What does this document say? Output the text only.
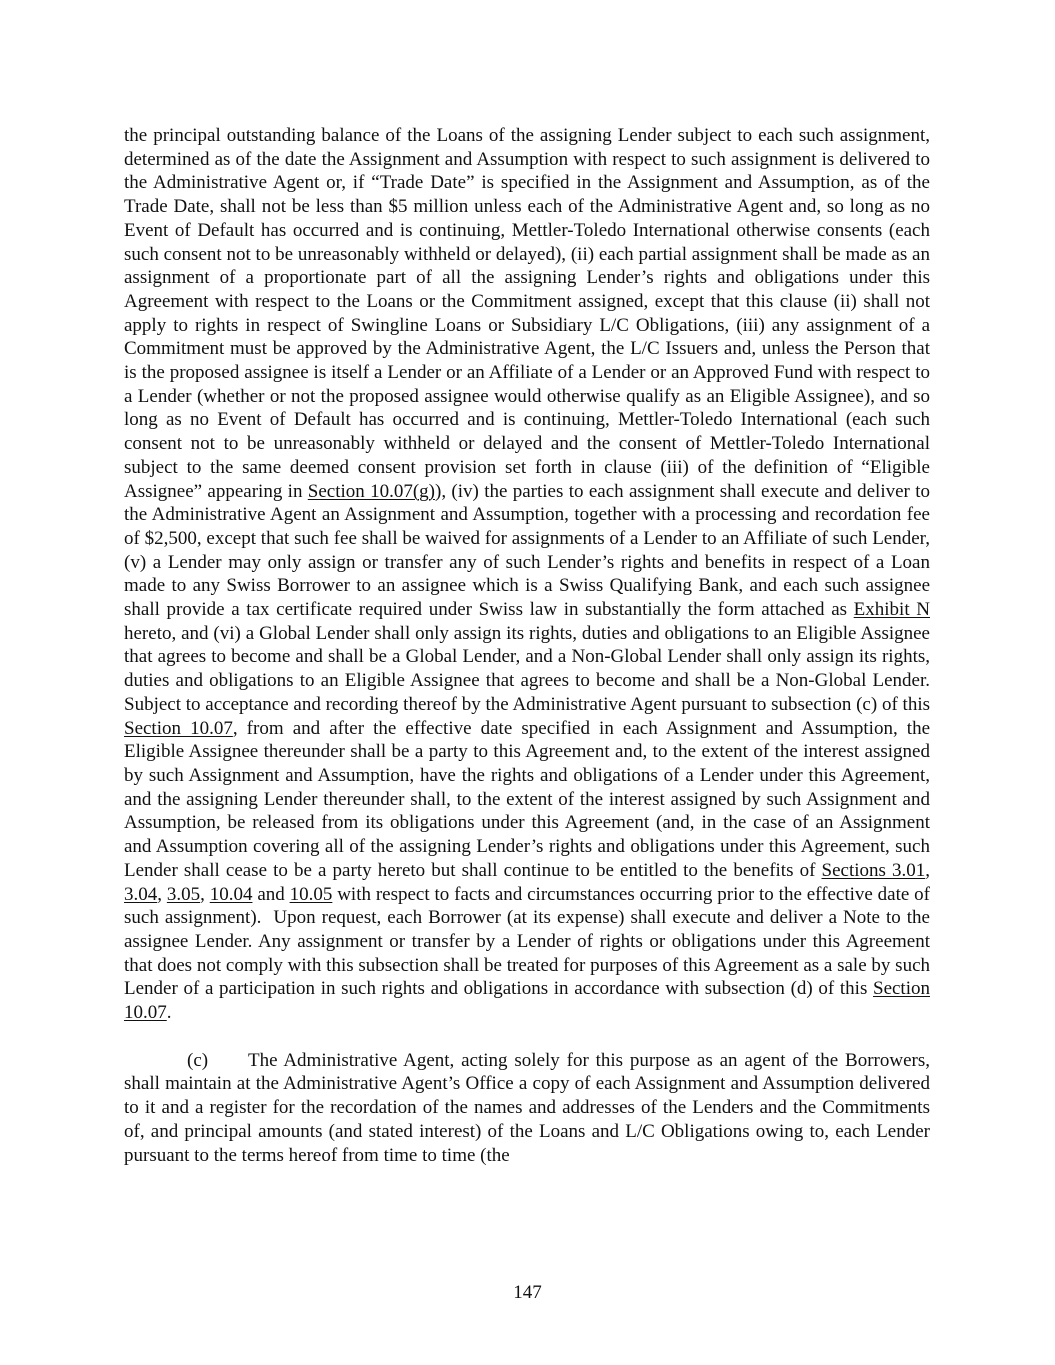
the principal outstanding balance of the Loans of the assigning Lender subject to each such assignment, determined as of the date the Assignment and Assumption with respect to such assignment is delivered to the Administrative Agent or, if “Trade Date” is specified in the Assignment and Assumption, as of the Trade Date, shall not be less than $5 million unless each of the Administrative Agent and, so long as no Event of Default has occurred and is continuing, Mettler-Toledo International otherwise consents (each such consent not to be unreasonably withheld or delayed), (ii) each partial assignment shall be made as an assignment of a proportionate part of all the assigning Lender’s rights and obligations under this Agreement with respect to the Loans or the Commitment assigned, except that this clause (ii) shall not apply to rights in respect of Swingline Loans or Subsidiary L/C Obligations, (iii) any assignment of a Commitment must be approved by the Administrative Agent, the L/C Issuers and, unless the Person that is the proposed assignee is itself a Lender or an Affiliate of a Lender or an Approved Fund with respect to a Lender (whether or not the proposed assignee would otherwise qualify as an Eligible Assignee), and so long as no Event of Default has occurred and is continuing, Mettler-Toledo International (each such consent not to be unreasonably withheld or delayed and the consent of Mettler-Toledo International subject to the same deemed consent provision set forth in clause (iii) of the definition of “Eligible Assignee” appearing in Section 10.07(g)), (iv) the parties to each assignment shall execute and deliver to the Administrative Agent an Assignment and Assumption, together with a processing and recordation fee of $2,500, except that such fee shall be waived for assignments of a Lender to an Affiliate of such Lender, (v) a Lender may only assign or transfer any of such Lender’s rights and benefits in respect of a Loan made to any Swiss Borrower to an assignee which is a Swiss Qualifying Bank, and each such assignee shall provide a tax certificate required under Swiss law in substantially the form attached as Exhibit N hereto, and (vi) a Global Lender shall only assign its rights, duties and obligations to an Eligible Assignee that agrees to become and shall be a Global Lender, and a Non-Global Lender shall only assign its rights, duties and obligations to an Eligible Assignee that agrees to become and shall be a Non-Global Lender. Subject to acceptance and recording thereof by the Administrative Agent pursuant to subsection (c) of this Section 10.07, from and after the effective date specified in each Assignment and Assumption, the Eligible Assignee thereunder shall be a party to this Agreement and, to the extent of the interest assigned by such Assignment and Assumption, have the rights and obligations of a Lender under this Agreement, and the assigning Lender thereunder shall, to the extent of the interest assigned by such Assignment and Assumption, be released from its obligations under this Agreement (and, in the case of an Assignment and Assumption covering all of the assigning Lender’s rights and obligations under this Agreement, such Lender shall cease to be a party hereto but shall continue to be entitled to the benefits of Sections 3.01, 3.04, 3.05, 10.04 and 10.05 with respect to facts and circumstances occurring prior to the effective date of such assignment).  Upon request, each Borrower (at its expense) shall execute and deliver a Note to the assignee Lender. Any assignment or transfer by a Lender of rights or obligations under this Agreement that does not comply with this subsection shall be treated for purposes of this Agreement as a sale by such Lender of a participation in such rights and obligations in accordance with subsection (d) of this Section 10.07.

(c) The Administrative Agent, acting solely for this purpose as an agent of the Borrowers, shall maintain at the Administrative Agent’s Office a copy of each Assignment and Assumption delivered to it and a register for the recordation of the names and addresses of the Lenders and the Commitments of, and principal amounts (and stated interest) of the Loans and L/C Obligations owing to, each Lender pursuant to the terms hereof from time to time (the

147
